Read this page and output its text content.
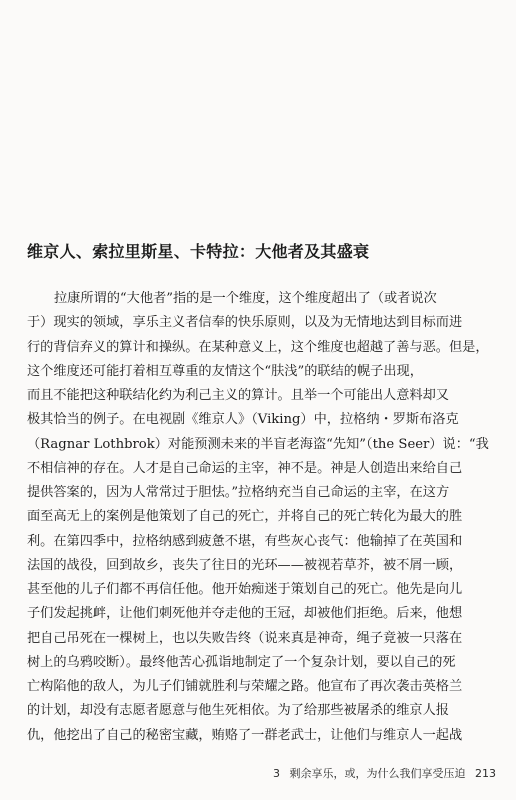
维京人、索拉里斯星、卡特拉：大他者及其盛衰
拉康所谓的“大他者”指的是一个维度，这个维度超出了（或者说次
于）现实的领域，享乐主义者信奉的快乐原则，以及为无情地达到目标而进
行的背信弃义的算计和操纵。在某种意义上，这个维度也超越了善与恶。但是，
这个维度还可能打着相互尊重的友情这个“肤浅”的联结的幌子出现，
而且不能把这种联结化约为利己主义的算计。且举一个可能出人意料却又
极其恰当的例子。在电视剧《维京人》（Viking）中，拉格纳・罗斯布洛克
（Ragnar Lothbrok）对能预测未来的半盲老海盗“先知”（the Seer）说：“我
不相信神的存在。人才是自己命运的主宰，神不是。神是人创造出来给自己
提供答案的，因为人常常过于胆怯。”拉格纳充当自己命运的主宰，在这方
面至高无上的案例是他策划了自己的死亡，并将自己的死亡转化为最大的胜
利。在第四季中，拉格纳感到疲惫不堪，有些灰心丧气：他输掉了在英国和
法国的战役，回到故乡，丧失了往日的光环——被视若草芥，被不屑一顾，
甚至他的儿子们都不再信任他。他开始痴迷于策划自己的死亡。他先是向儿
子们发起挑衅，让他们刺死他并夺走他的王冠，却被他们拒绝。后来，他想
把自己吊死在一棵树上，也以失败告终（说来真是神奇，绳子竟被一只落在
树上的乌鸦咬断）。最终他苦心孤诣地制定了一个复杂计划，要以自己的死
亡构陷他的敌人，为儿子们铺就胜利与荣耀之路。他宣布了再次袭击英格兰
的计划，却没有志愿者愿意与他生死相依。为了给那些被屠杀的维京人报
仇，他挖出了自己的秘密宝藏，贿赂了一群老武士，让他们与维京人一起战
3 剩余享乐，或，为什么我们享受压迫 213
